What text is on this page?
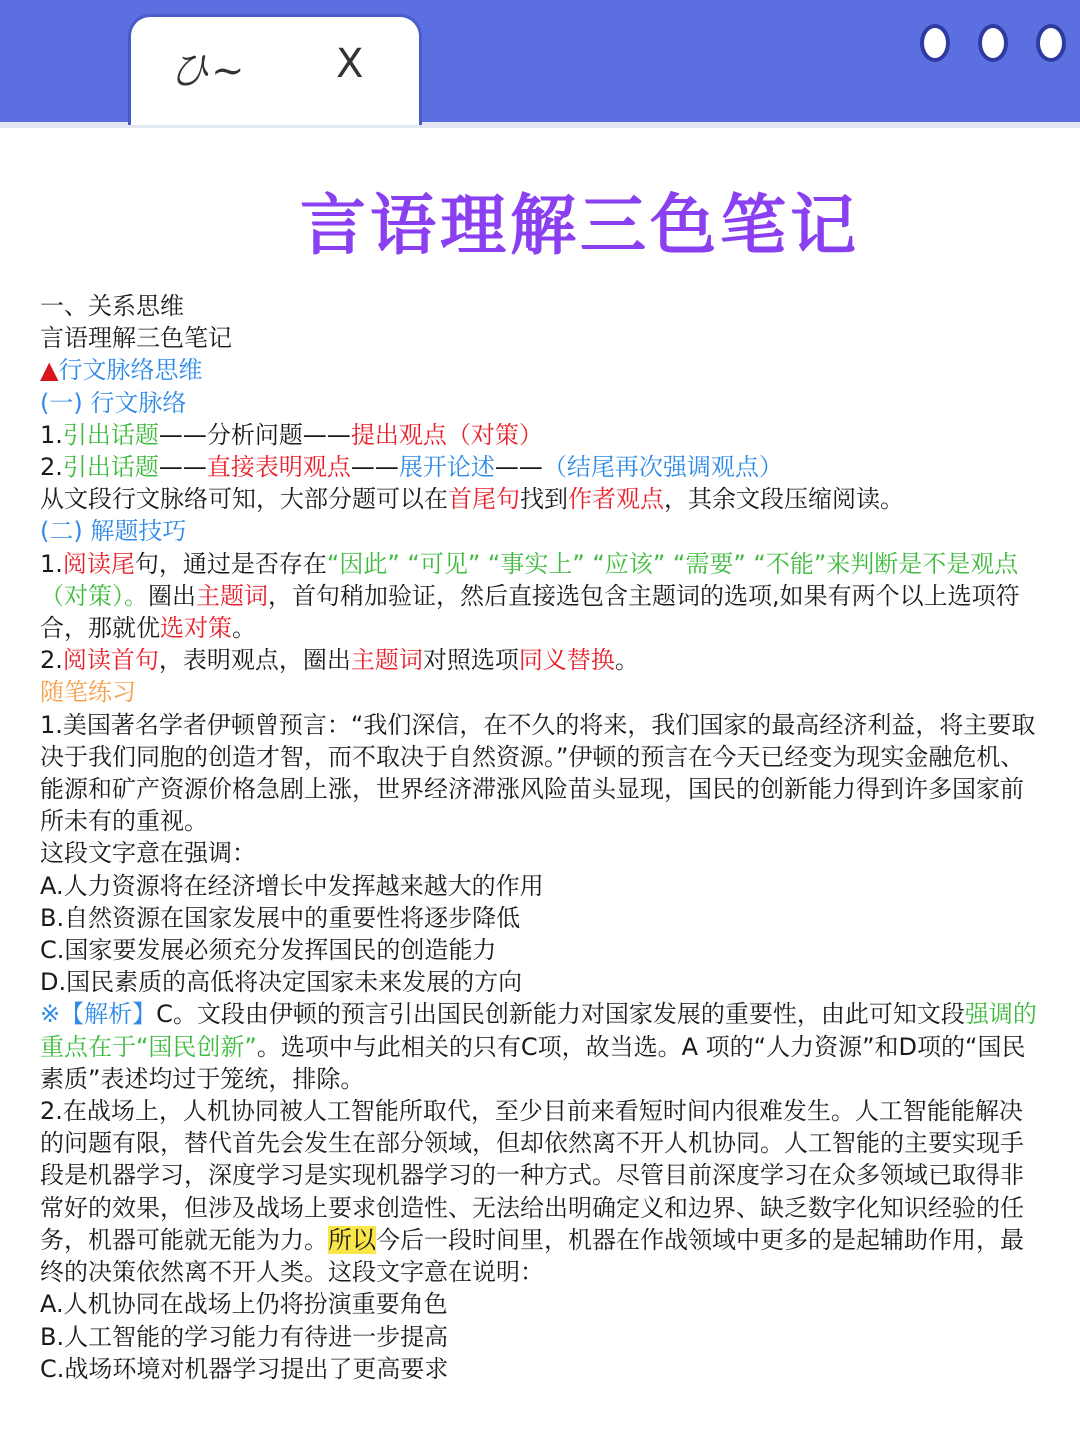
ひ~ X
言语理解三色笔记

一、关系思维

言语理解三色笔记

▲行文脉络思维

(一) 行文脉络

1.引出话题——分析问题——提出观点（对策）

2.引出话题——直接表明观点——展开论述——（结尾再次强调观点）

从文段行文脉络可知，大部分题可以在首尾句找到作者观点，其余文段压缩阅读。

(二) 解题技巧

1.阅读尾句，通过是否存在“因此” “可见” “事实上” “应该” “需要” “不能”来判断是不是观点（对策）。圈出主题词，首句稍加验证，然后直接选包含主题词的选项,如果有两个以上选项符合，那就优选对策。

2.阅读首句，表明观点，圈出主题词对照选项同义替换。

随笔练习

1.美国著名学者伊顿曾预言：“我们深信，在不久的将来，我们国家的最高经济利益，将主要取决于我们同胞的创造才智，而不取决于自然资源。”伊顿的预言在今天已经变为现实金融危机、能源和矿产资源价格急剧上涨，世界经济滞涨风险苗头显现，国民的创新能力得到许多国家前所未有的重视。

这段文字意在强调：

A.人力资源将在经济增长中发挥越来越大的作用

B.自然资源在国家发展中的重要性将逐步降低

C.国家要发展必须充分发挥国民的创造能力

D.国民素质的高低将决定国家未来发展的方向

※【解析】C。文段由伊顿的预言引出国民创新能力对国家发展的重要性，由此可知文段强调的重点在于“国民创新”。选项中与此相关的只有C项，故当选。A 项的“人力资源”和D项的“国民素质”表述均过于笼统，排除。

2.在战场上，人机协同被人工智能所取代，至少目前来看短时间内很难发生。人工智能能解决的问题有限，替代首先会发生在部分领域，但却依然离不开人机协同。人工智能的主要实现手段是机器学习，深度学习是实现机器学习的一种方式。尽管目前深度学习在众多领域已取得非常好的效果，但涉及战场上要求创造性、无法给出明确定义和边界、缺乏数字化知识经验的任务，机器可能就无能为力。所以今后一段时间里，机器在作战领域中更多的是起辅助作用，最终的决策依然离不开人类。这段文字意在说明：

A.人机协同在战场上仍将扮演重要角色

B.人工智能的学习能力有待进一步提高

C.战场环境对机器学习提出了更高要求
